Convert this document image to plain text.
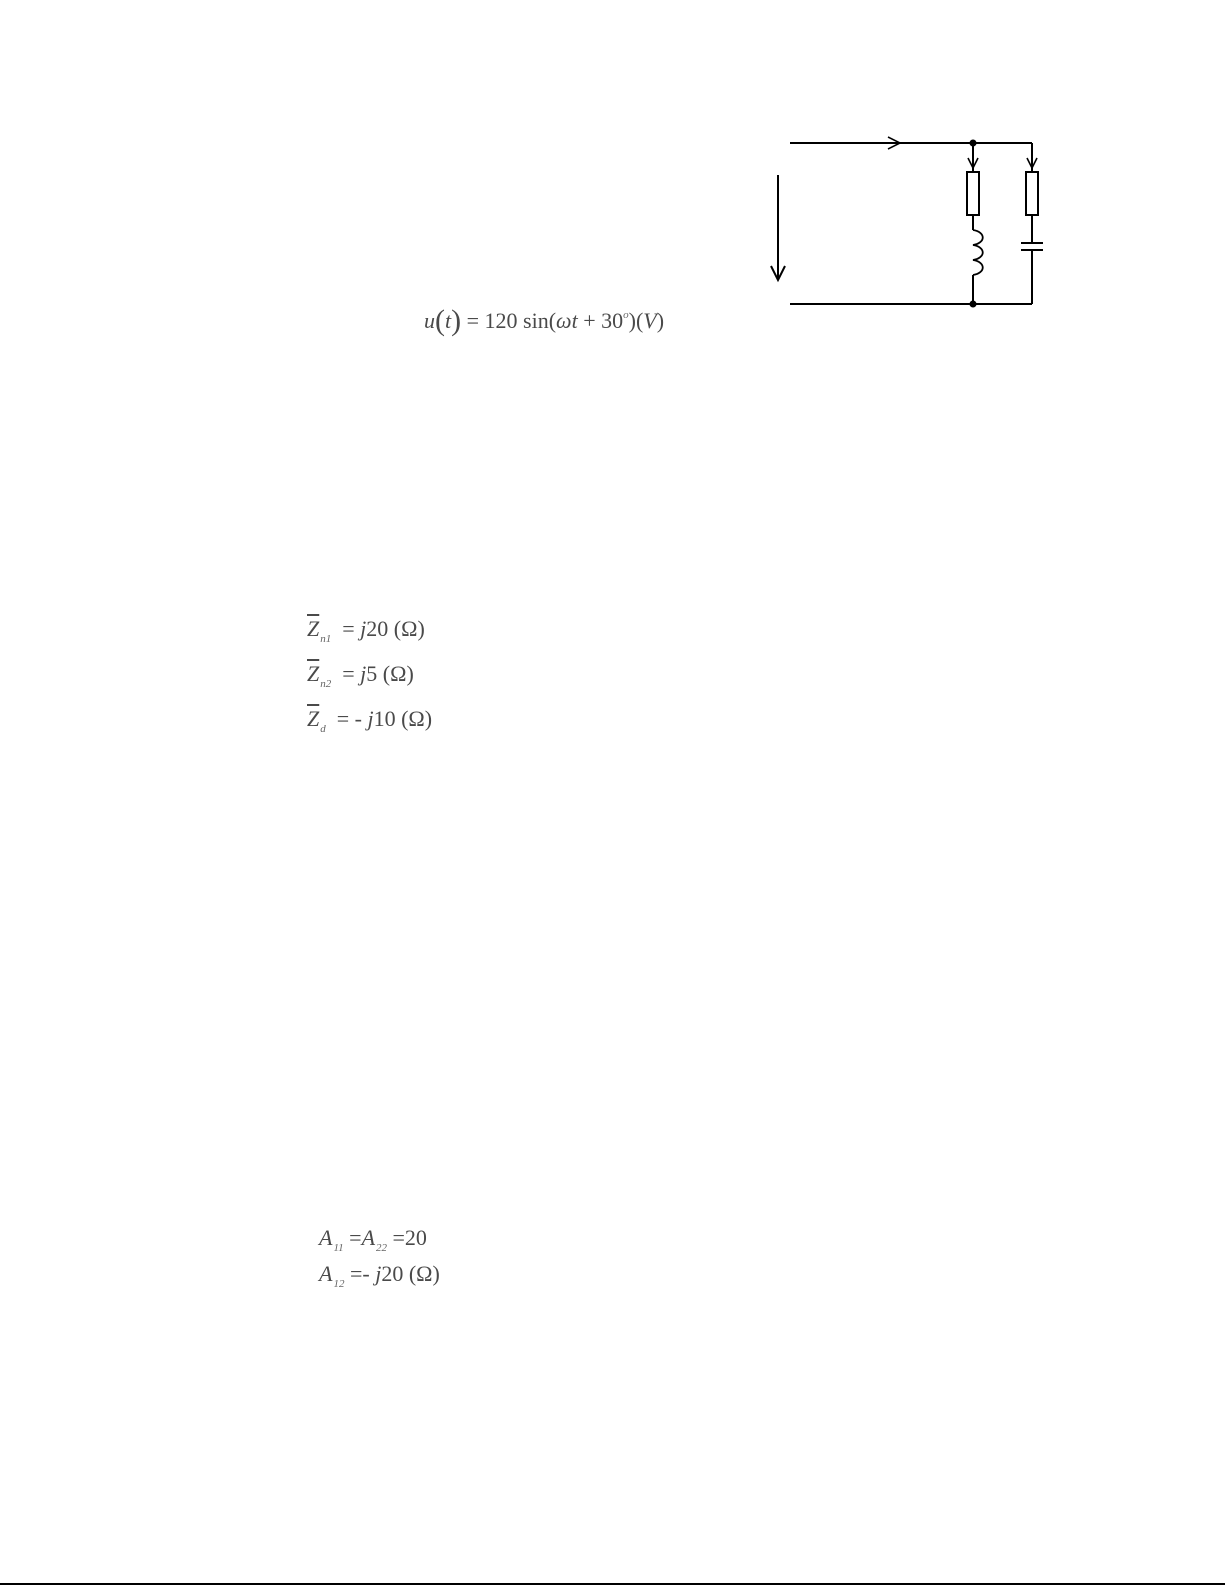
u(t) = 120 $\sin(\omega t + 30^o)(V)$
$\overline{Z}_{n1} = j20$ (Ω)
$\overline{Z}_{n2} = j5$ (Ω)
$\overline{Z}_d$ = - j10 (Ω)
$A_{11} =A_{22} =20$
$A_{12} =- j20$ (Ω)
